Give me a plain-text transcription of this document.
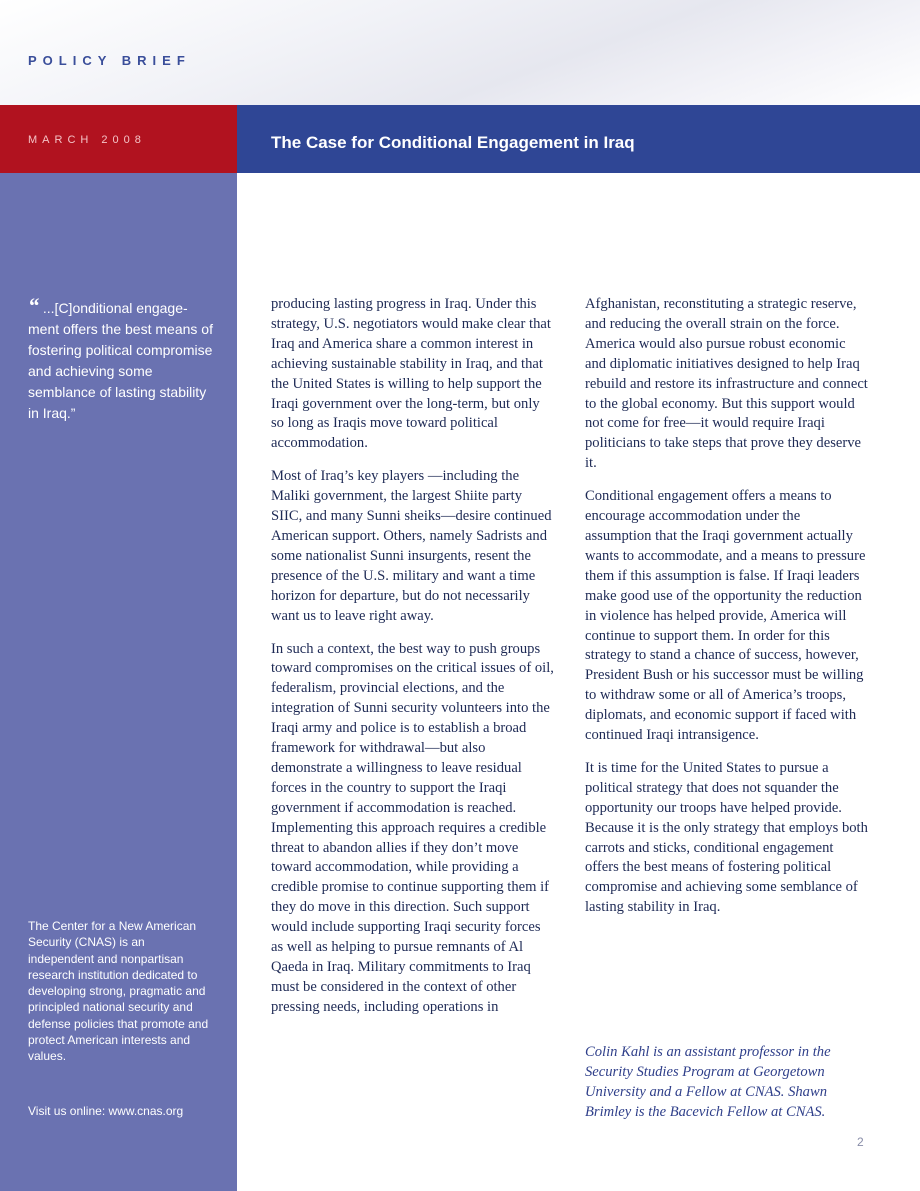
POLICY BRIEF
MARCH 2008	The Case for Conditional Engagement in Iraq
“ ...[C]onditional engage-ment offers the best means of fostering political compromise and achieving some semblance of lasting stability in Iraq.”
The Center for a New American Security (CNAS) is an independent and nonpartisan research institution dedicated to developing strong, pragmatic and principled national security and defense policies that promote and protect American interests and values.
Visit us online: www.cnas.org

producing lasting progress in Iraq. Under this strategy, U.S. negotiators would make clear that Iraq and America share a common interest in achieving sustainable stability in Iraq, and that the United States is willing to help support the Iraqi government over the long-term, but only so long as Iraqis move toward political accommodation.

Most of Iraq’s key players —including the Maliki government, the largest Shiite party SIIC, and many Sunni sheiks—desire continued American support. Others, namely Sadrists and some nationalist Sunni insurgents, resent the presence of the U.S. military and want a time horizon for departure, but do not necessarily want us to leave right away.

In such a context, the best way to push groups toward compromises on the critical issues of oil, federalism, provincial elections, and the integration of Sunni security volunteers into the Iraqi army and police is to establish a broad framework for withdrawal—but also demonstrate a willingness to leave residual forces in the country to support the Iraqi government if accommodation is reached. Implementing this approach requires a credible threat to abandon allies if they don’t move toward accommodation, while providing a credible promise to continue supporting them if they do move in this direction. Such support would include supporting Iraqi security forces as well as helping to pursue remnants of Al Qaeda in Iraq. Military commitments to Iraq must be considered in the context of other pressing needs, including operations in

Afghanistan, reconstituting a strategic reserve, and reducing the overall strain on the force. America would also pursue robust economic and diplomatic initiatives designed to help Iraq rebuild and restore its infrastructure and connect to the global economy. But this support would not come for free—it would require Iraqi politicians to take steps that prove they deserve it.

Conditional engagement offers a means to encourage accommodation under the assumption that the Iraqi government actually wants to accommodate, and a means to pressure them if this assumption is false. If Iraqi leaders make good use of the opportunity the reduction in violence has helped provide, America will continue to support them. In order for this strategy to stand a chance of success, however, President Bush or his successor must be willing to withdraw some or all of America’s troops, diplomats, and economic support if faced with continued Iraqi intransigence.

It is time for the United States to pursue a political strategy that does not squander the opportunity our troops have helped provide. Because it is the only strategy that employs both carrots and sticks, conditional engagement offers the best means of fostering political compromise and achieving some semblance of lasting stability in Iraq.

Colin Kahl is an assistant professor in the Security Studies Program at Georgetown University and a Fellow at CNAS. Shawn Brimley is the Bacevich Fellow at CNAS.
2
